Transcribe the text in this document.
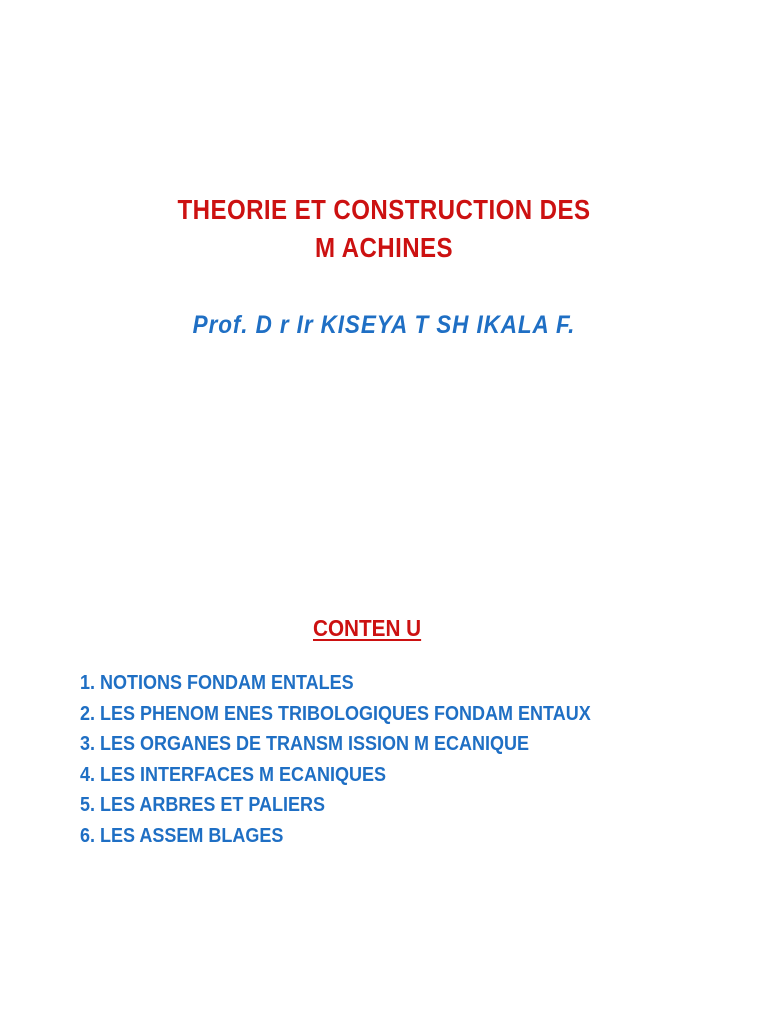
THEORIE ET CONSTRUCTION DES
M ACHINES
Prof. D r Ir KISEYA T SH IKALA F.
CONTEN U
1. NOTIONS FONDAM ENTALES
2. LES PHENOM ENES TRIBOLOGIQUES FONDAM ENTAUX
3. LES ORGANES DE TRANSM ISSION M ECANIQUE
4. LES INTERFACES M ECANIQUES
5. LES ARBRES ET PALIERS
6. LES ASSEM BLAGES
